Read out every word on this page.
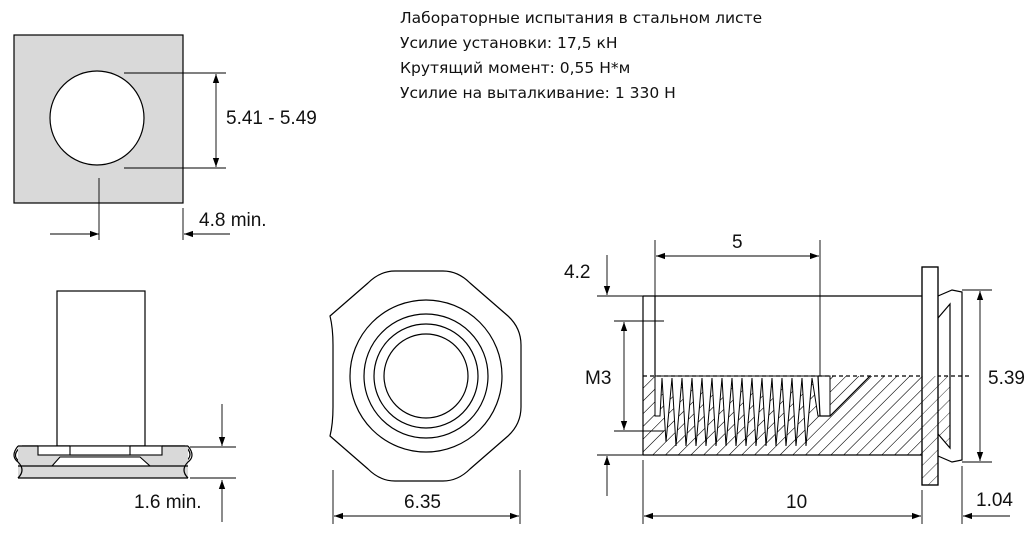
Лабораторные испытания в стальном листе
Усилие установки: 17,5 кН
Крутящий момент: 0,55 Н*м
Усилие на выталкивание: 1 330 Н
5.41 - 5.49
4.8 min.
1.6 min.	6.35
5
4.2
M3	5.39
10	1.04
